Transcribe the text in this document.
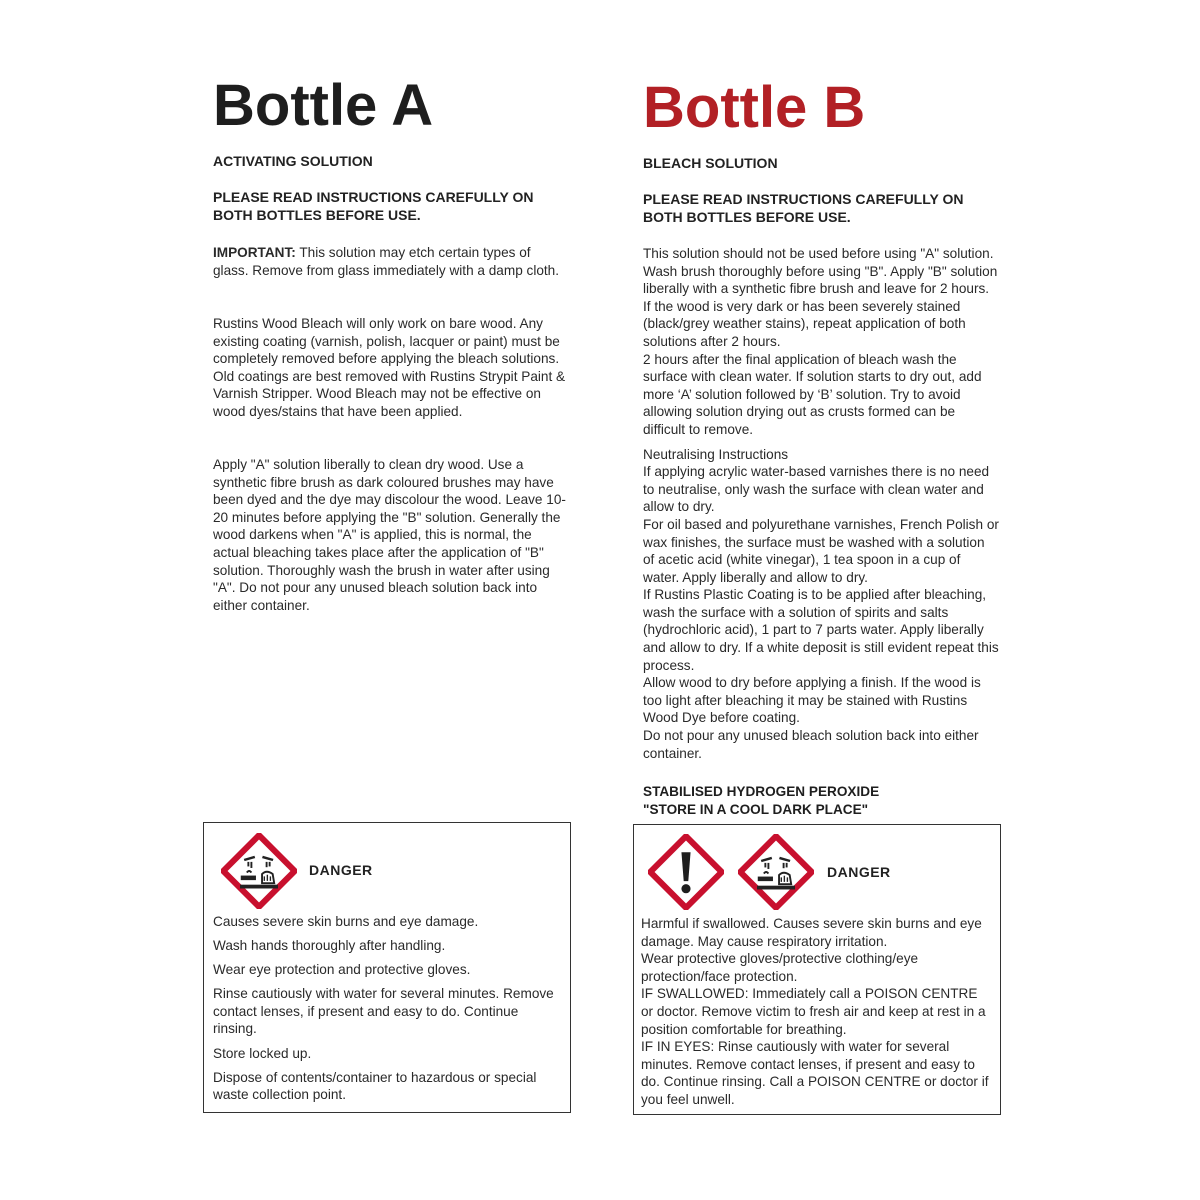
Bottle A

ACTIVATING SOLUTION

PLEASE READ INSTRUCTIONS CAREFULLY ON BOTH BOTTLES BEFORE USE.

IMPORTANT: This solution may etch certain types of glass. Remove from glass immediately with a damp cloth.

Rustins Wood Bleach will only work on bare wood. Any existing coating (varnish, polish, lacquer or paint) must be completely removed before applying the bleach solutions. Old coatings are best removed with Rustins Strypit Paint & Varnish Stripper. Wood Bleach may not be effective on wood dyes/stains that have been applied.

Apply "A" solution liberally to clean dry wood. Use a synthetic fibre brush as dark coloured brushes may have been dyed and the dye may discolour the wood. Leave 10-20 minutes before applying the "B" solution. Generally the wood darkens when "A" is applied, this is normal, the actual bleaching takes place after the application of "B" solution. Thoroughly wash the brush in water after using "A". Do not pour any unused bleach solution back into either container.

Bottle B

BLEACH SOLUTION

PLEASE READ INSTRUCTIONS CAREFULLY ON BOTH BOTTLES BEFORE USE.

This solution should not be used before using "A" solution. Wash brush thoroughly before using "B". Apply "B" solution liberally with a synthetic fibre brush and leave for 2 hours. If the wood is very dark or has been severely stained (black/grey weather stains), repeat application of both solutions after 2 hours.

2 hours after the final application of bleach wash the surface with clean water. If solution starts to dry out, add more ‘A’ solution followed by ‘B’ solution. Try to avoid allowing solution drying out as crusts formed can be difficult to remove.

Neutralising Instructions

If applying acrylic water-based varnishes there is no need to neutralise, only wash the surface with clean water and allow to dry.

For oil based and polyurethane varnishes, French Polish or wax finishes, the surface must be washed with a solution of acetic acid (white vinegar), 1 tea spoon in a cup of water. Apply liberally and allow to dry.

If Rustins Plastic Coating is to be applied after bleaching, wash the surface with a solution of spirits and salts (hydrochloric acid), 1 part to 7 parts water. Apply liberally and allow to dry. If a white deposit is still evident repeat this process.

Allow wood to dry before applying a finish. If the wood is too light after bleaching it may be stained with Rustins Wood Dye before coating.

Do not pour any unused bleach solution back into either container.

STABILISED HYDROGEN PEROXIDE
"STORE IN A COOL DARK PLACE"

DANGER

Causes severe skin burns and eye damage.

Wash hands thoroughly after handling.

Wear eye protection and protective gloves.

Rinse cautiously with water for several minutes. Remove contact lenses, if present and easy to do. Continue rinsing.

Store locked up.

Dispose of contents/container to hazardous or special waste collection point.

DANGER

Harmful if swallowed. Causes severe skin burns and eye damage. May cause respiratory irritation.

Wear protective gloves/protective clothing/eye protection/face protection.

IF SWALLOWED: Immediately call a POISON CENTRE or doctor. Remove victim to fresh air and keep at rest in a position comfortable for breathing.

IF IN EYES: Rinse cautiously with water for several minutes. Remove contact lenses, if present and easy to do. Continue rinsing. Call a POISON CENTRE or doctor if you feel unwell.
